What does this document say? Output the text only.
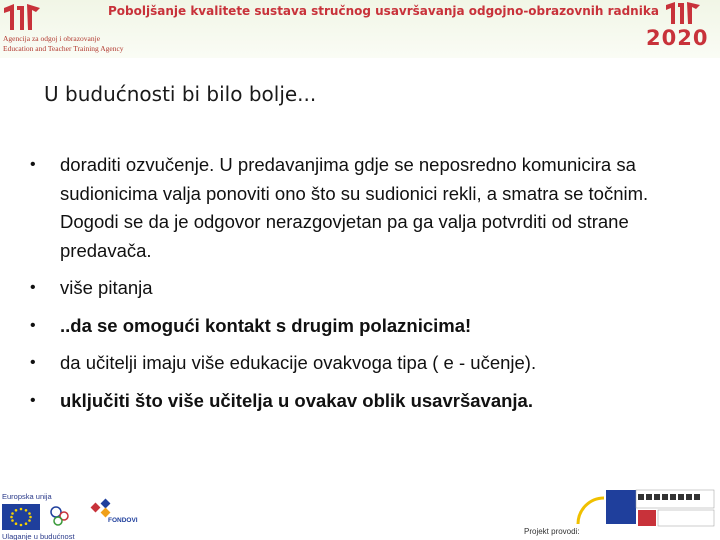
Agencija za odgoj i obrazovanje
Education and Teacher Training Agency
Poboljšanje kvalitete sustava stručnog usavršavanja odgojno-obrazovnih radnika
2020
U budućnosti bi bilo bolje...
• doraditi ozvučenje. U predavanjima gdje se neposredno komunicira sa sudionicima valja ponoviti ono što su sudionici rekli, a smatra se točnim. Dogodi se da je odgovor nerazgovjetan pa ga valja potvrditi od strane predavača.
• više pitanja
• ..da se omogući kontakt s drugim polaznicima!
• da učitelji imaju više edukacije ovakvoga tipa ( e - učenje).
• uključiti što više učitelja u ovakav oblik usavršavanja.
Europska unija
FONDOVI
Ulaganje u budućnost
Projekt provodi:
